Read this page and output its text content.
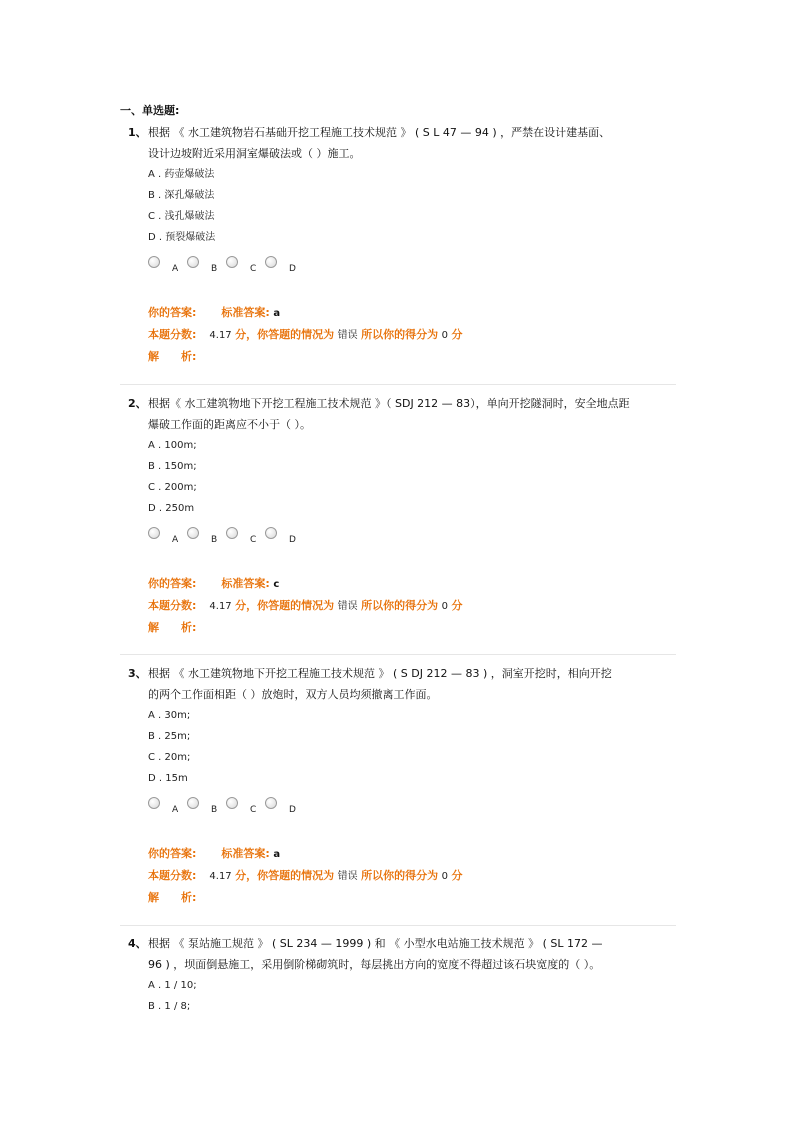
一、单选题:
1、 根据 《 水工建筑物岩石基础开挖工程施工技术规范 》 ( S L 47 — 94 ) ，严禁在设计建基面、
设计边坡附近采用洞室爆破法或（ ）施工。
A . 药壶爆破法
B . 深孔爆破法
C . 浅孔爆破法
D . 预裂爆破法
A	B	C	D
你的答案: 标准答案: a
本题分数: 4.17 分，你答题的情况为 错误 所以你的得分为 0 分
解　　析:
2、 根据《 水工建筑物地下开挖工程施工技术规范 》（ SDJ 212 — 83），单向开挖隧洞时，安全地点距
爆破工作面的距离应不小于（ ）。
A . 100m;
B . 150m;
C . 200m;
D . 250m
A	B	C	D
你的答案: 标准答案: c
本题分数: 4.17 分，你答题的情况为 错误 所以你的得分为 0 分
解　　析:
3、 根据 《 水工建筑物地下开挖工程施工技术规范 》 ( S DJ 212 — 83 ) ，洞室开挖时，相向开挖
的两个工作面相距（ ）放炮时，双方人员均须撤离工作面。
A . 30m;
B . 25m;
C . 20m;
D . 15m
A	B	C	D
你的答案: 标准答案: a
本题分数: 4.17 分，你答题的情况为 错误 所以你的得分为 0 分
解　　析:
4、 根据 《 泵站施工规范 》 ( SL 234 — 1999 ) 和 《 小型水电站施工技术规范 》 ( SL 172 —
96 ) ，坝面倒悬施工，采用倒阶梯砌筑时，每层挑出方向的宽度不得超过该石块宽度的（ ）。
A . 1 / 10;
B . 1 / 8;
